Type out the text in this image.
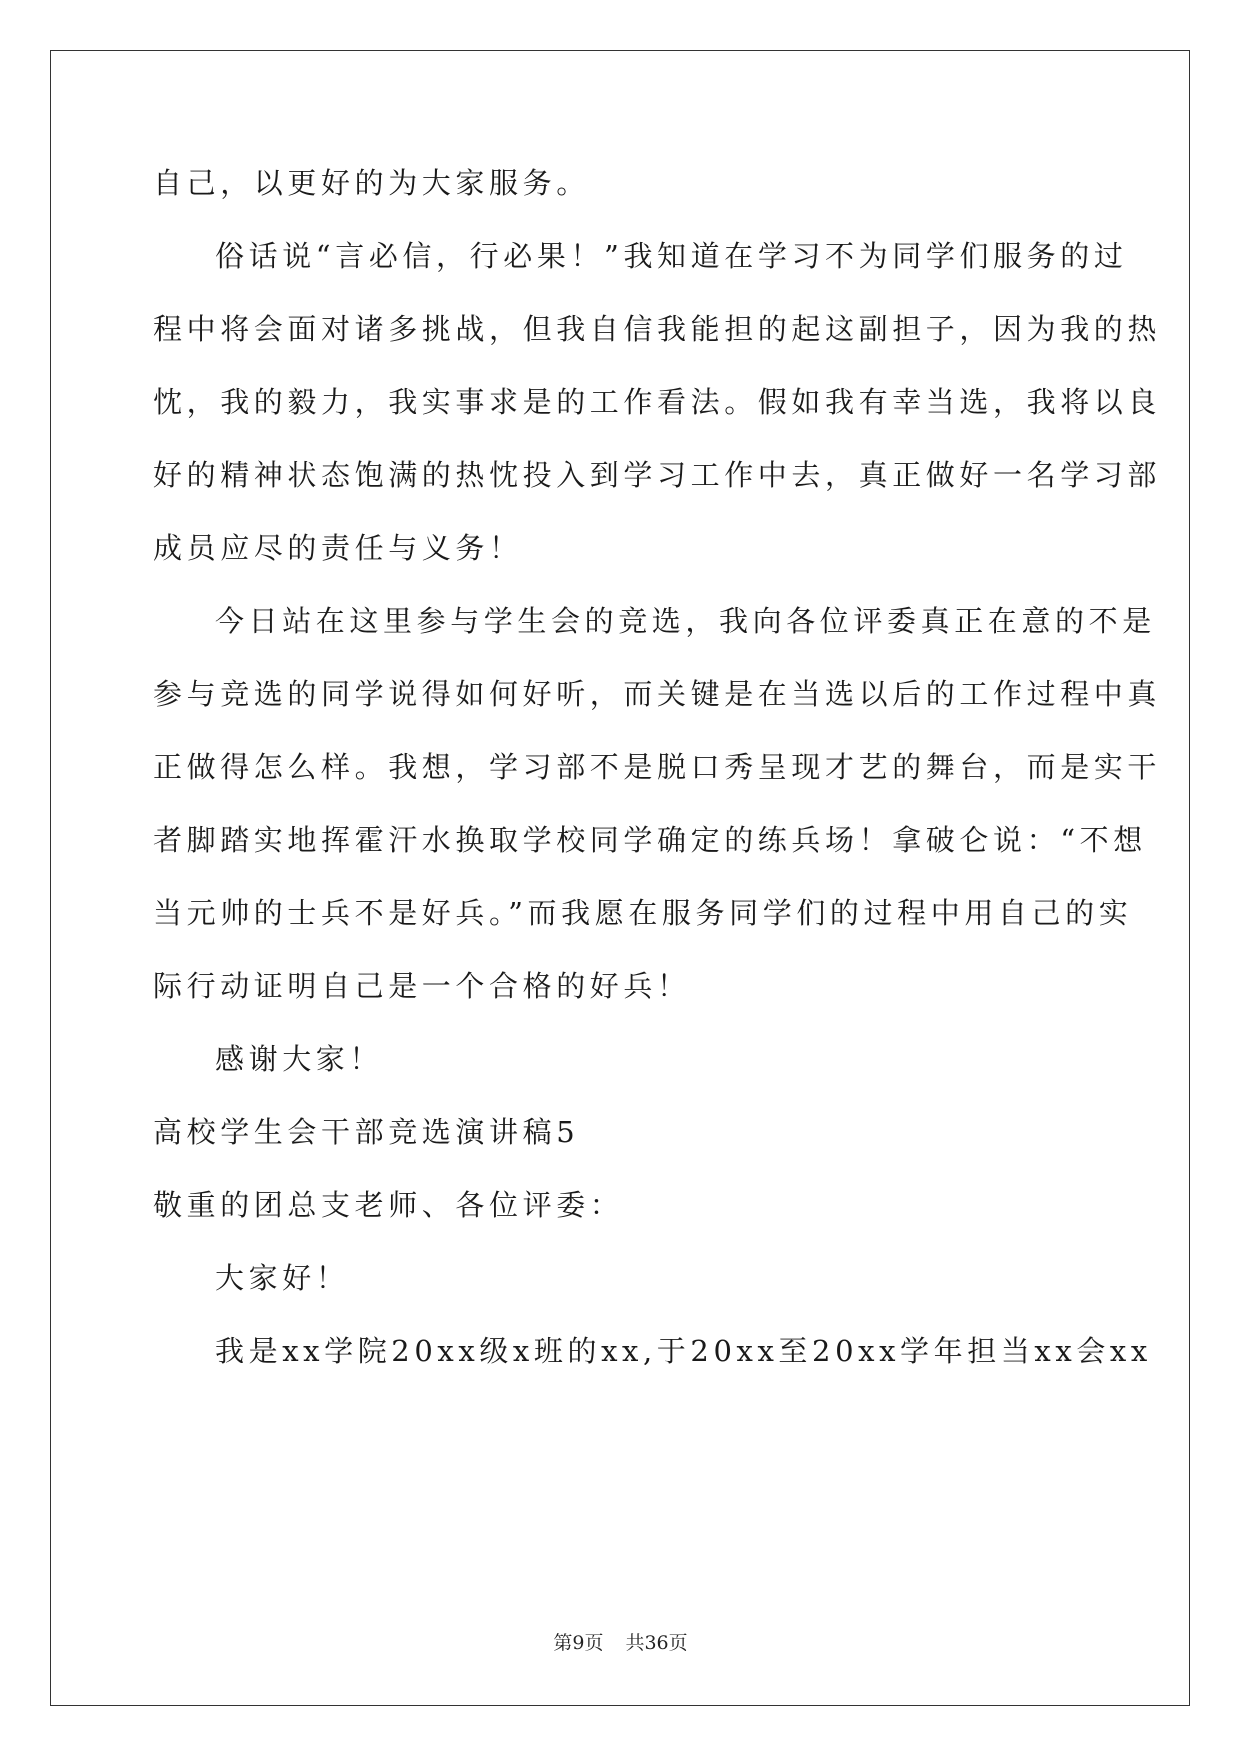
自己，以更好的为大家服务。
俗话说“言必信，行必果！”我知道在学习不为同学们服务的过
程中将会面对诸多挑战，但我自信我能担的起这副担子，因为我的热
忱，我的毅力，我实事求是的工作看法。假如我有幸当选，我将以良
好的精神状态饱满的热忱投入到学习工作中去，真正做好一名学习部
成员应尽的责任与义务！
今日站在这里参与学生会的竞选，我向各位评委真正在意的不是
参与竞选的同学说得如何好听，而关键是在当选以后的工作过程中真
正做得怎么样。我想，学习部不是脱口秀呈现才艺的舞台，而是实干
者脚踏实地挥霍汗水换取学校同学确定的练兵场！拿破仑说：“不想
当元帅的士兵不是好兵。”而我愿在服务同学们的过程中用自己的实
际行动证明自己是一个合格的好兵！
感谢大家！
高校学生会干部竞选演讲稿5
敬重的团总支老师、各位评委：
大家好！
我是xx学院20xx级x班的xx,于20xx至20xx学年担当xx会xx
第9页 共36页
